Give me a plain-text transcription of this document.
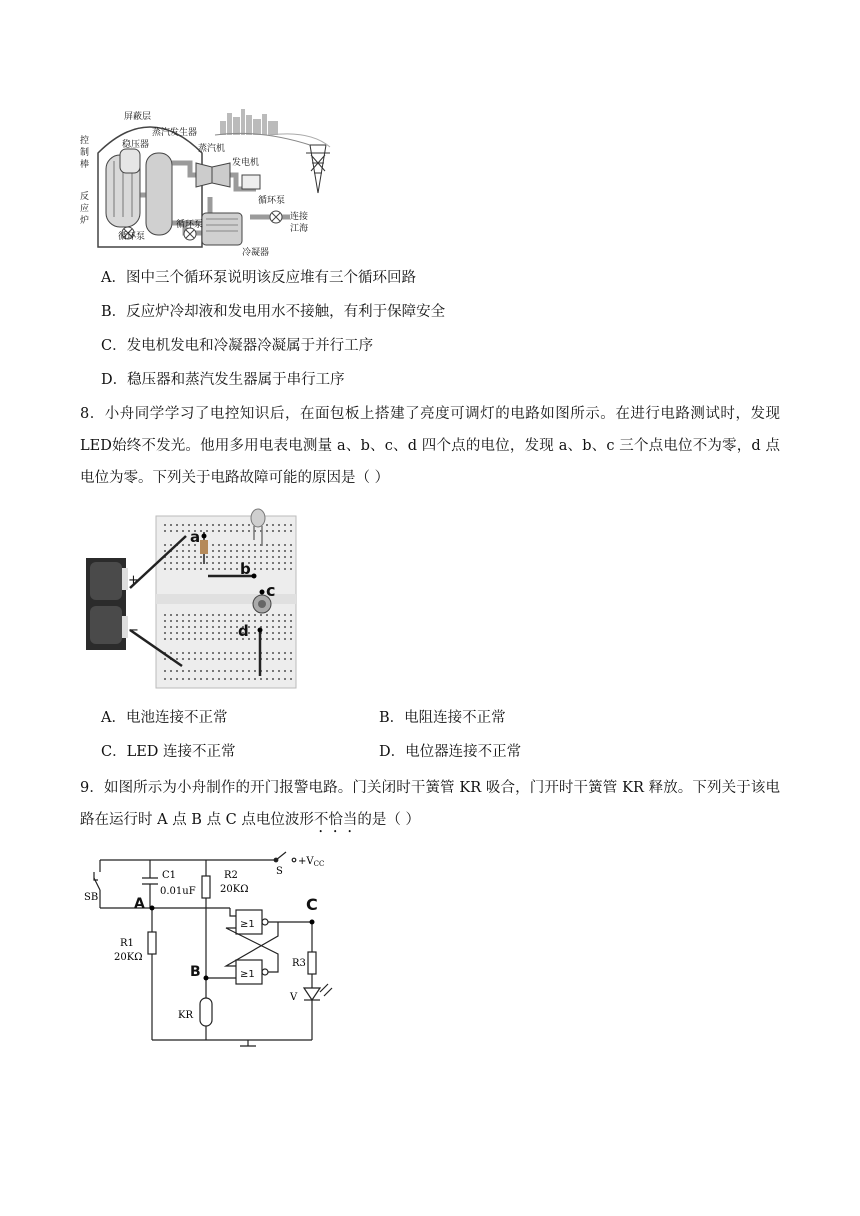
屏蔽层
控
制
棒
稳压器
蒸汽发生器
蒸汽机
发电机
反
应
炉
循环泵
循环泵
循环泵
连接
江海
冷凝器
A．图中三个循环泵说明该反应堆有三个循环回路
B．反应炉冷却液和发电用水不接触，有利于保障安全
C．发电机发电和冷凝器冷凝属于并行工序
D．稳压器和蒸汽发生器属于串行工序
8．小舟同学学习了电控知识后，在面包板上搭建了亮度可调灯的电路如图所示。在进行电路测试时，发现LED始终不发光。他用多用电表电测量 a、b、c、d 四个点的电位，发现 a、b、c 三个点电位不为零，d 点电位为零。下列关于电路故障可能的原因是（ ）
+
−
a
b
c
d
A．电池连接不正常	B．电阻连接不正常
C．LED 连接不正常	D．电位器连接不正常
9．如图所示为小舟制作的开门报警电路。门关闭时干簧管 KR 吸合，门开时干簧管 KR 释放。下列关于该电路在运行时 A 点 B 点 C 点电位波形不恰当的是（ ）
≥1
≥1
$+V_{CC}$
S
C1
0.01uF
R2
20KΩ
SB	A
B
C
R1
20KΩ
R3
V
KR
